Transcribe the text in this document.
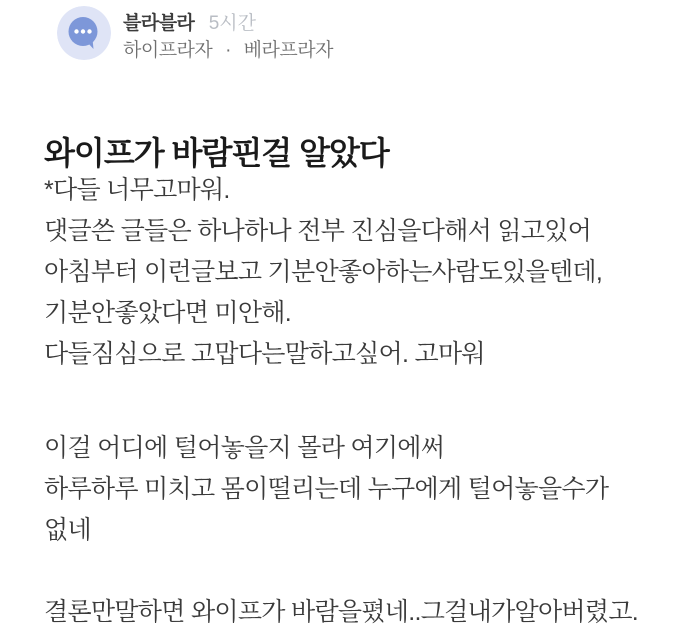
블라블라 5시간
하이프라자 · 베라프라자
와이프가 바람핀걸 알았다
*다들 너무고마워.
댓글쓴 글들은 하나하나 전부 진심을다해서 읽고있어
아침부터 이런글보고 기분안좋아하는사람도있을텐데,
기분안좋았다면 미안해.
다들짐심으로 고맙다는말하고싶어. 고마워
이걸 어디에 털어놓을지 몰라 여기에써
하루하루 미치고 몸이떨리는데 누구에게 털어놓을수가
없네
결론만말하면 와이프가 바람을폈네..그걸내가알아버렸고.
